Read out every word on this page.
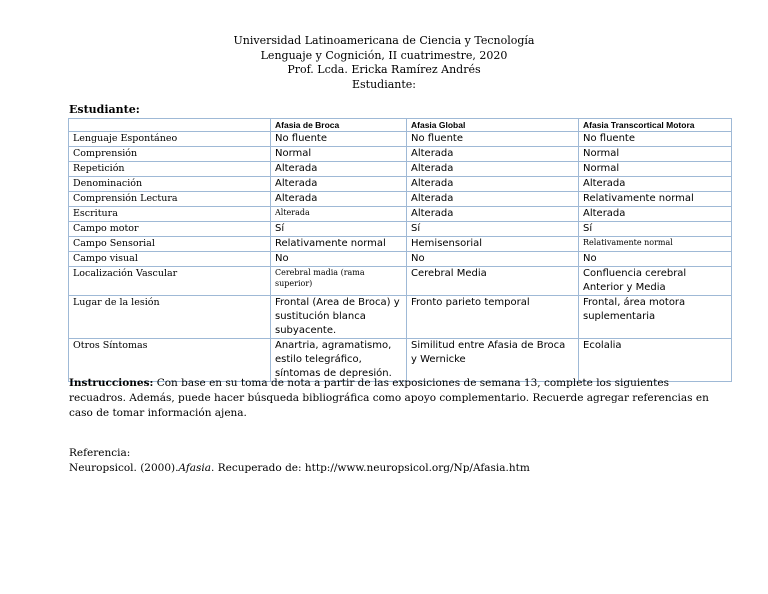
Universidad Latinoamericana de Ciencia y Tecnología
Lenguaje y Cognición, II cuatrimestre, 2020
Prof. Lcda. Ericka Ramírez Andrés
Estudiante:
Estudiante:
	Afasia de Broca	Afasia Global	Afasia Transcortical Motora
Lenguaje Espontáneo	No fluente	No fluente	No fluente
Comprensión	Normal	Alterada	Normal
Repetición	Alterada	Alterada	Normal
Denominación	Alterada	Alterada	Alterada
Comprensión Lectura	Alterada	Alterada	Relativamente normal
Escritura	Alterada	Alterada	Alterada
Campo motor	Sí	Sí	Sí
Campo Sensorial	Relativamente normal	Hemisensorial	Relativamente normal
Campo visual	No	No	No
Localización Vascular	Cerebral madia (rama superior)	Cerebral Media	Confluencia cerebral Anterior y Media
Lugar de la lesión	Frontal (Area de Broca) y sustitución blanca subyacente.	Fronto parieto temporal	Frontal, área motora suplementaria
Otros Síntomas	Anartria, agramatismo, estilo telegráfico, síntomas de depresión.	Similitud entre Afasia de Broca y Wernicke	Ecolalia
Instrucciones: Con base en su toma de nota a partir de las exposiciones de semana 13, complete los siguientes recuadros. Además, puede hacer búsqueda bibliográfica como apoyo complementario. Recuerde agregar referencias en caso de tomar información ajena.
Referencia:
Neuropsicol. (2000).Afasia. Recuperado de: http://www.neuropsicol.org/Np/Afasia.htm
